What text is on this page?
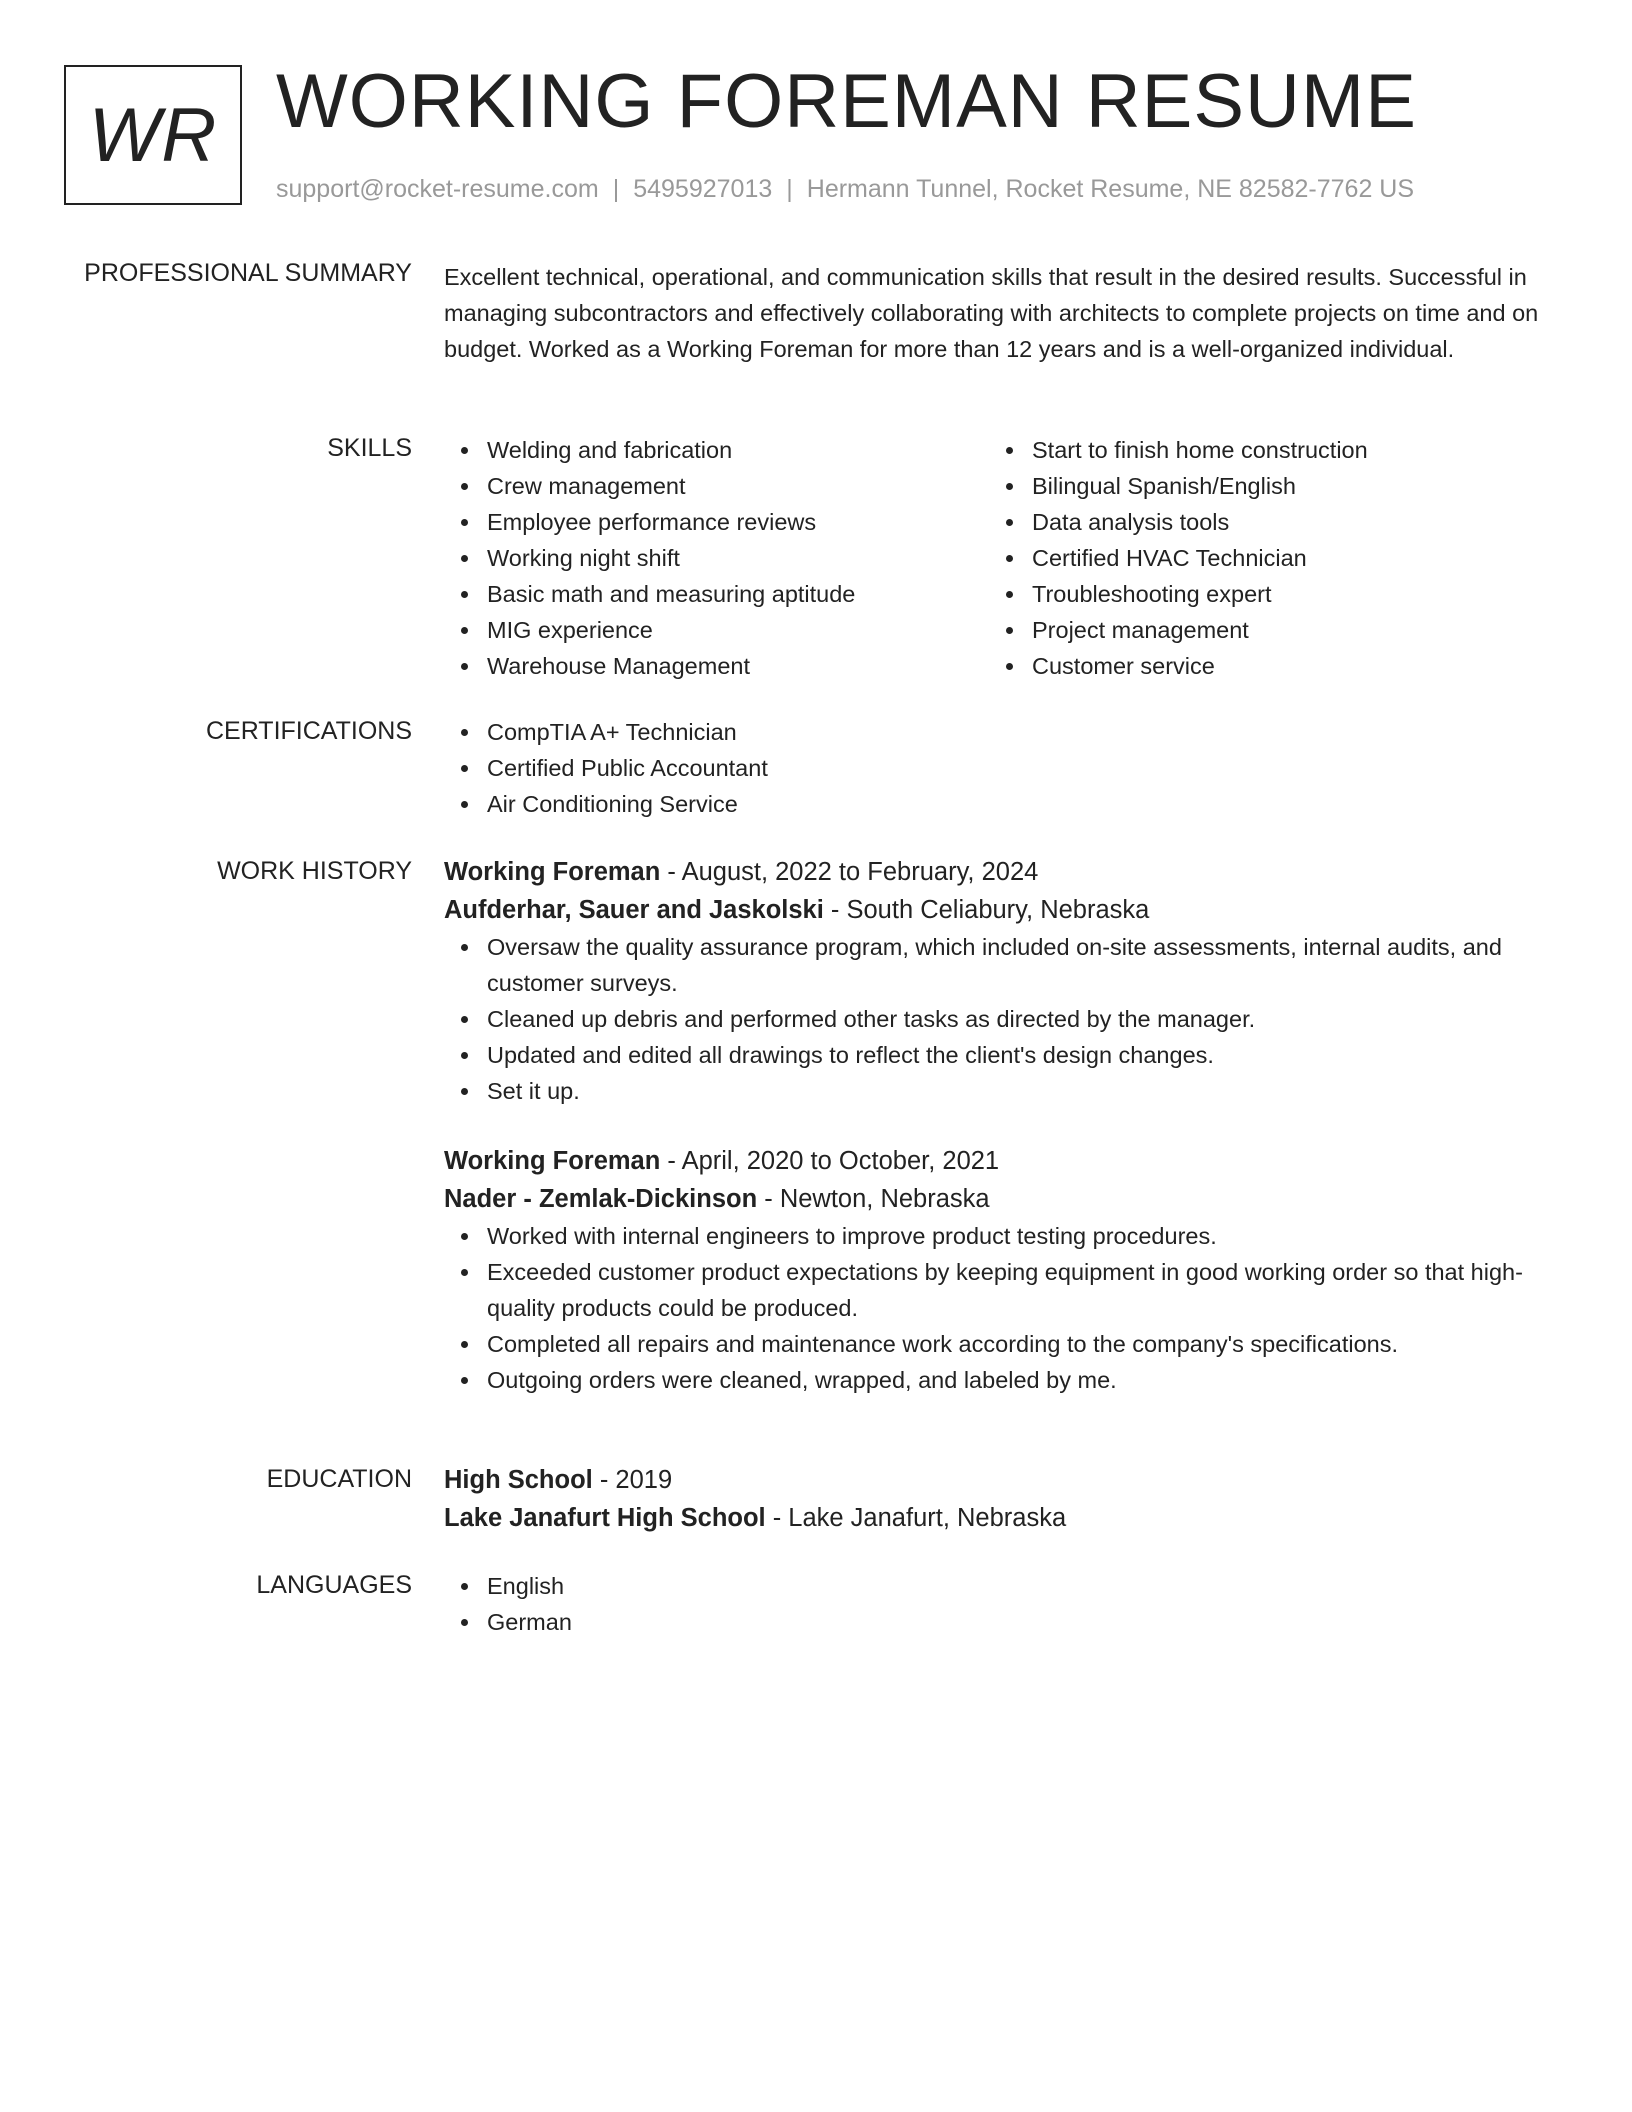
WR WORKING FOREMAN RESUME
support@rocket-resume.com | 5495927013 | Hermann Tunnel, Rocket Resume, NE 82582-7762 US
PROFESSIONAL SUMMARY Excellent technical, operational, and communication skills that result in the desired results. Successful in managing subcontractors and effectively collaborating with architects to complete projects on time and on budget. Worked as a Working Foreman for more than 12 years and is a well-organized individual.
SKILLS	Welding and fabrication
Crew management
Employee performance reviews
Working night shift
Basic math and measuring aptitude
MIG experience
Warehouse Management
Start to finish home construction
Bilingual Spanish/English
Data analysis tools
Certified HVAC Technician
Troubleshooting expert
Project management
Customer service
CERTIFICATIONS	CompTIA A+ Technician
Certified Public Accountant
Air Conditioning Service
WORK HISTORY Working Foreman - August, 2022 to February, 2024
Aufderhar, Sauer and Jaskolski - South Celiabury, Nebraska
Oversaw the quality assurance program, which included on-site assessments, internal audits, and customer surveys.
Cleaned up debris and performed other tasks as directed by the manager.
Updated and edited all drawings to reflect the client's design changes.
Set it up.
Working Foreman - April, 2020 to October, 2021
Nader - Zemlak-Dickinson - Newton, Nebraska
Worked with internal engineers to improve product testing procedures.
Exceeded customer product expectations by keeping equipment in good working order so that high-quality products could be produced.
Completed all repairs and maintenance work according to the company's specifications.
Outgoing orders were cleaned, wrapped, and labeled by me.
EDUCATION High School - 2019
Lake Janafurt High School - Lake Janafurt, Nebraska
LANGUAGES	English
German
